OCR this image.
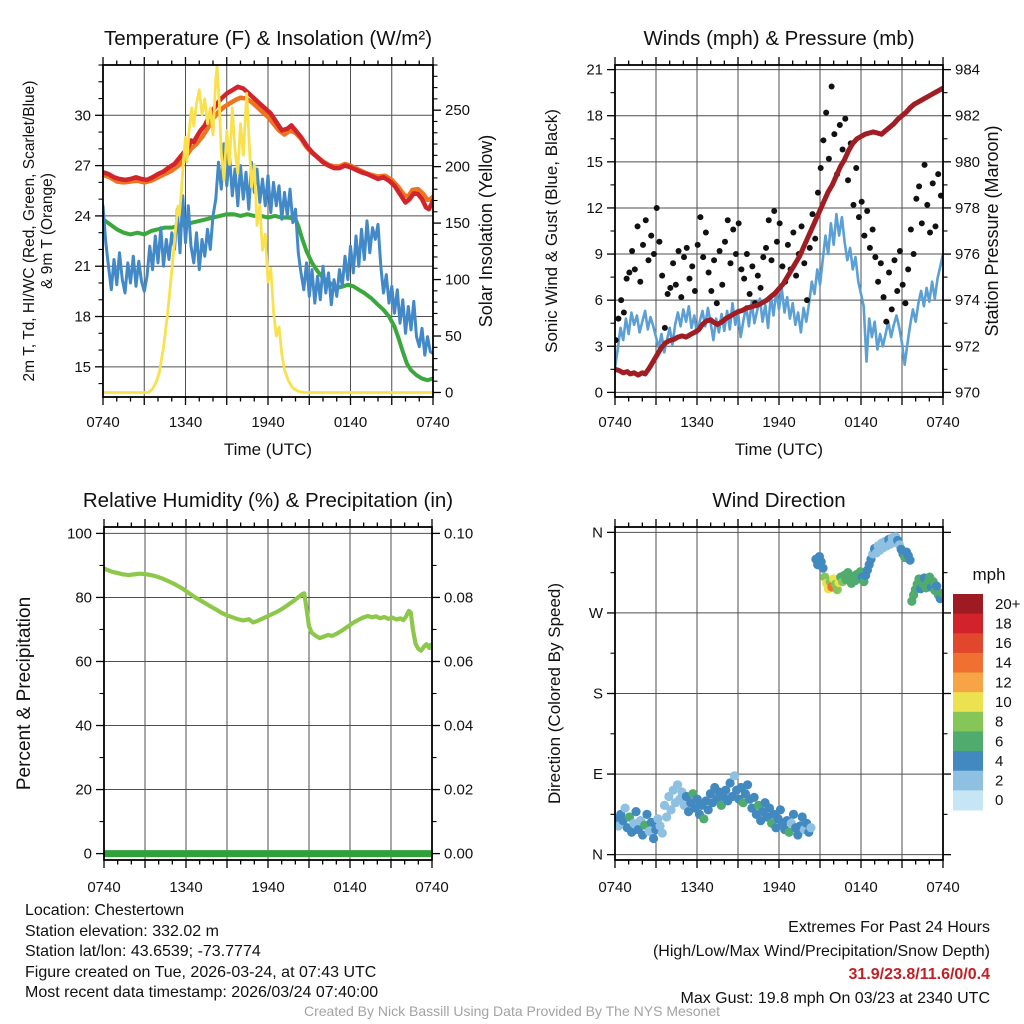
0740	1340	1940	0140	0740
Time (UTC)
15
18
21
24
27
30
0
50
100
150
200
250
2m T, Td, HI/WC (Red, Green, Scarlet/Blue) & 9m T (Orange)	Solar Insolation (Yellow)
Temperature (F) & Insolation (W/m²)
0740	1340	1940	0140	0740
Time (UTC)
0
3
6
9
12
15
18
21
970
972
974
976
978
980
982
984
Sonic Wind & Gust (Blue, Black)	Station Pressure (Maroon)
Winds (mph) & Pressure (mb)
0740	1340	1940	0140	0740
0
20
40
60
80
100
0.00
0.02
0.04
0.06
0.08
0.10
Percent & Precipitation
Relative Humidity (%) & Precipitation (in)
0740	1340	1940	0140	0740
N
E
S
W
N
Direction (Colored By Speed)
Wind Direction
mph
20+
18
16
14
12
10
8
6
4
2
0
Location: Chestertown
Station elevation: 332.02 m
Station lat/lon: 43.6539; -73.7774
Figure created on Tue, 2026-03-24, at 07:43 UTC
Most recent data timestamp: 2026/03/24 07:40:00
Extremes For Past 24 Hours
(High/Low/Max Wind/Precipitation/Snow Depth)
31.9/23.8/11.6/0/0.4
Max Gust: 19.8 mph On 03/23 at 2340 UTC
Created By Nick Bassill Using Data Provided By The NYS Mesonet
